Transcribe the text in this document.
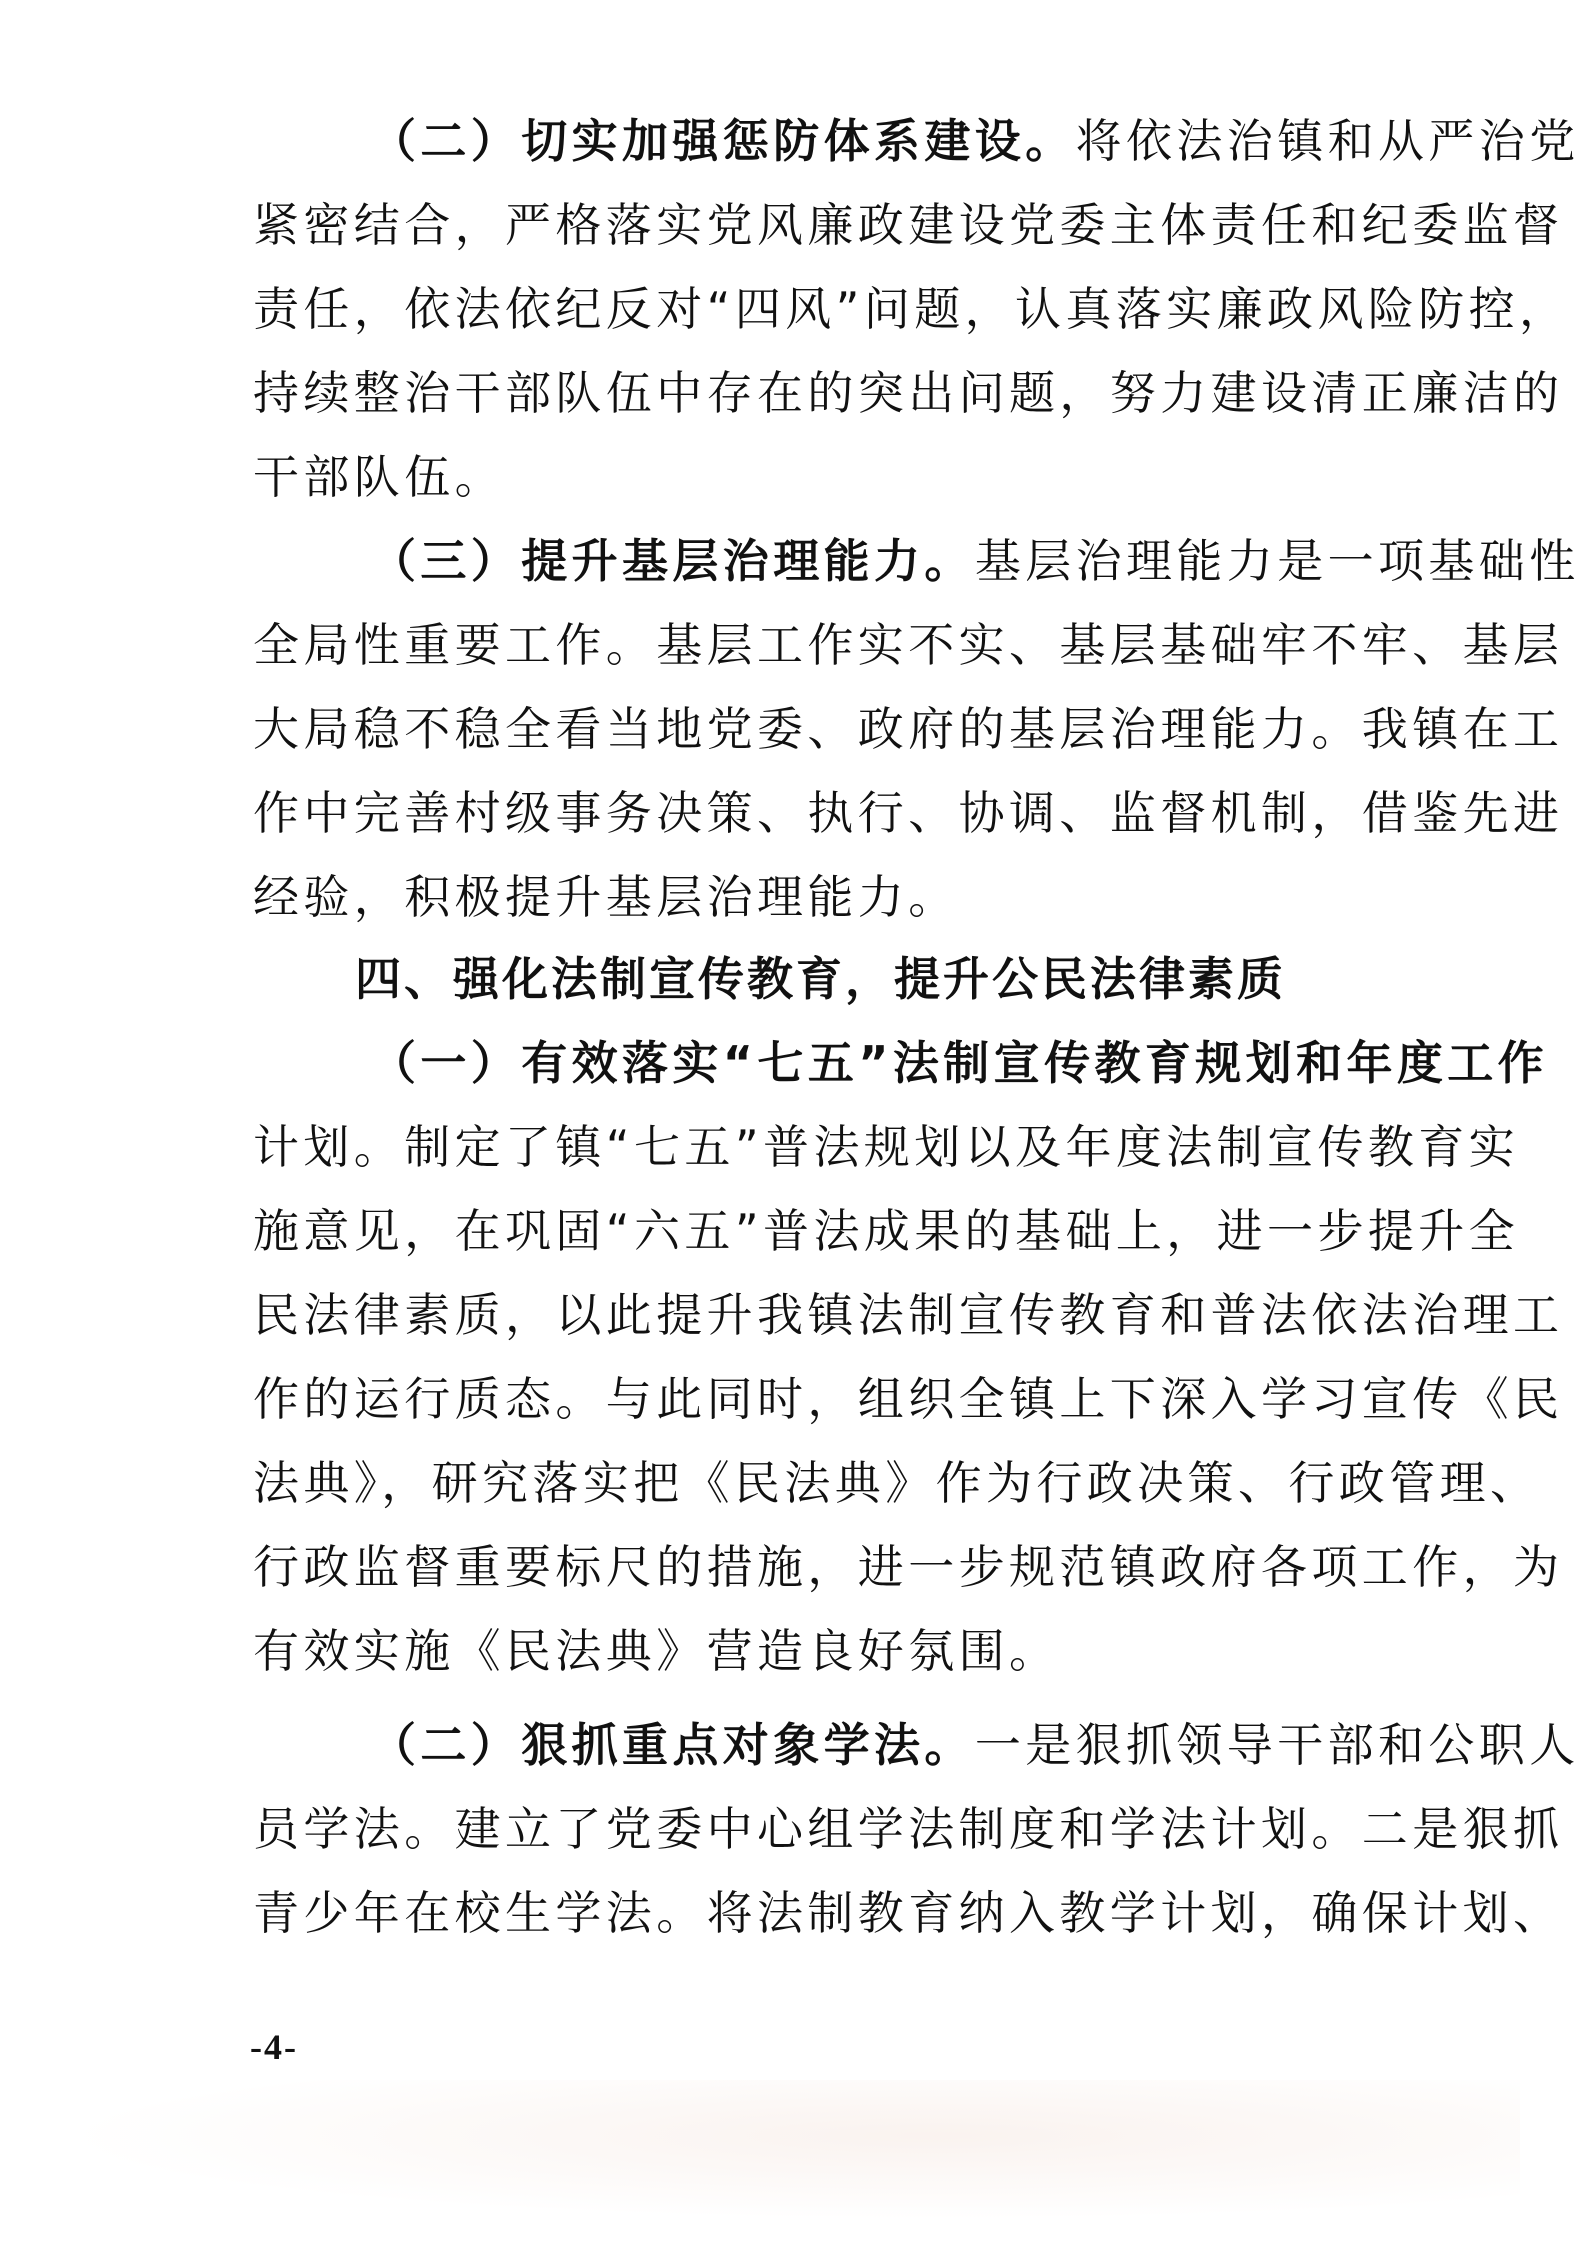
（二）切实加强惩防体系建设。将依法治镇和从严治党
紧密结合，严格落实党风廉政建设党委主体责任和纪委监督
责任，依法依纪反对“四风”问题，认真落实廉政风险防控，
持续整治干部队伍中存在的突出问题，努力建设清正廉洁的
干部队伍。
（三）提升基层治理能力。基层治理能力是一项基础性
全局性重要工作。基层工作实不实、基层基础牢不牢、基层
大局稳不稳全看当地党委、政府的基层治理能力。我镇在工
作中完善村级事务决策、执行、协调、监督机制，借鉴先进
经验，积极提升基层治理能力。
四、强化法制宣传教育，提升公民法律素质
（一）有效落实“七五”法制宣传教育规划和年度工作
计划。制定了镇“七五”普法规划以及年度法制宣传教育实
施意见，在巩固“六五”普法成果的基础上，进一步提升全
民法律素质，以此提升我镇法制宣传教育和普法依法治理工
作的运行质态。与此同时，组织全镇上下深入学习宣传《民
法典》，研究落实把《民法典》作为行政决策、行政管理、
行政监督重要标尺的措施，进一步规范镇政府各项工作，为
有效实施《民法典》营造良好氛围。
（二）狠抓重点对象学法。一是狠抓领导干部和公职人
员学法。建立了党委中心组学法制度和学法计划。二是狠抓
青少年在校生学法。将法制教育纳入教学计划，确保计划、
-4-
